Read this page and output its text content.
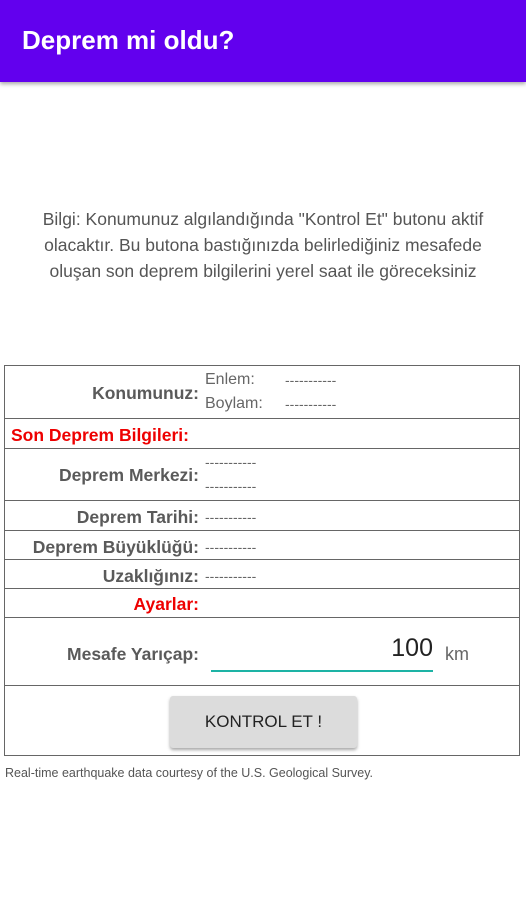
Deprem mi oldu?
Bilgi: Konumunuz algılandığında "Kontrol Et" butonu aktif
olacaktır. Bu butona bastığınızda belirlediğiniz mesafede
oluşan son deprem bilgilerini yerel saat ile göreceksiniz
Konumunuz:
Enlem: -----------
Boylam: -----------
Son Deprem Bilgileri:
Deprem Merkezi:
-----------
-----------
Deprem Tarihi: -----------
Deprem Büyüklüğü: -----------
Uzaklığınız: -----------
Ayarlar:
Mesafe Yarıçap:	100 km
KONTROL ET !
Real-time earthquake data courtesy of the U.S. Geological Survey.
